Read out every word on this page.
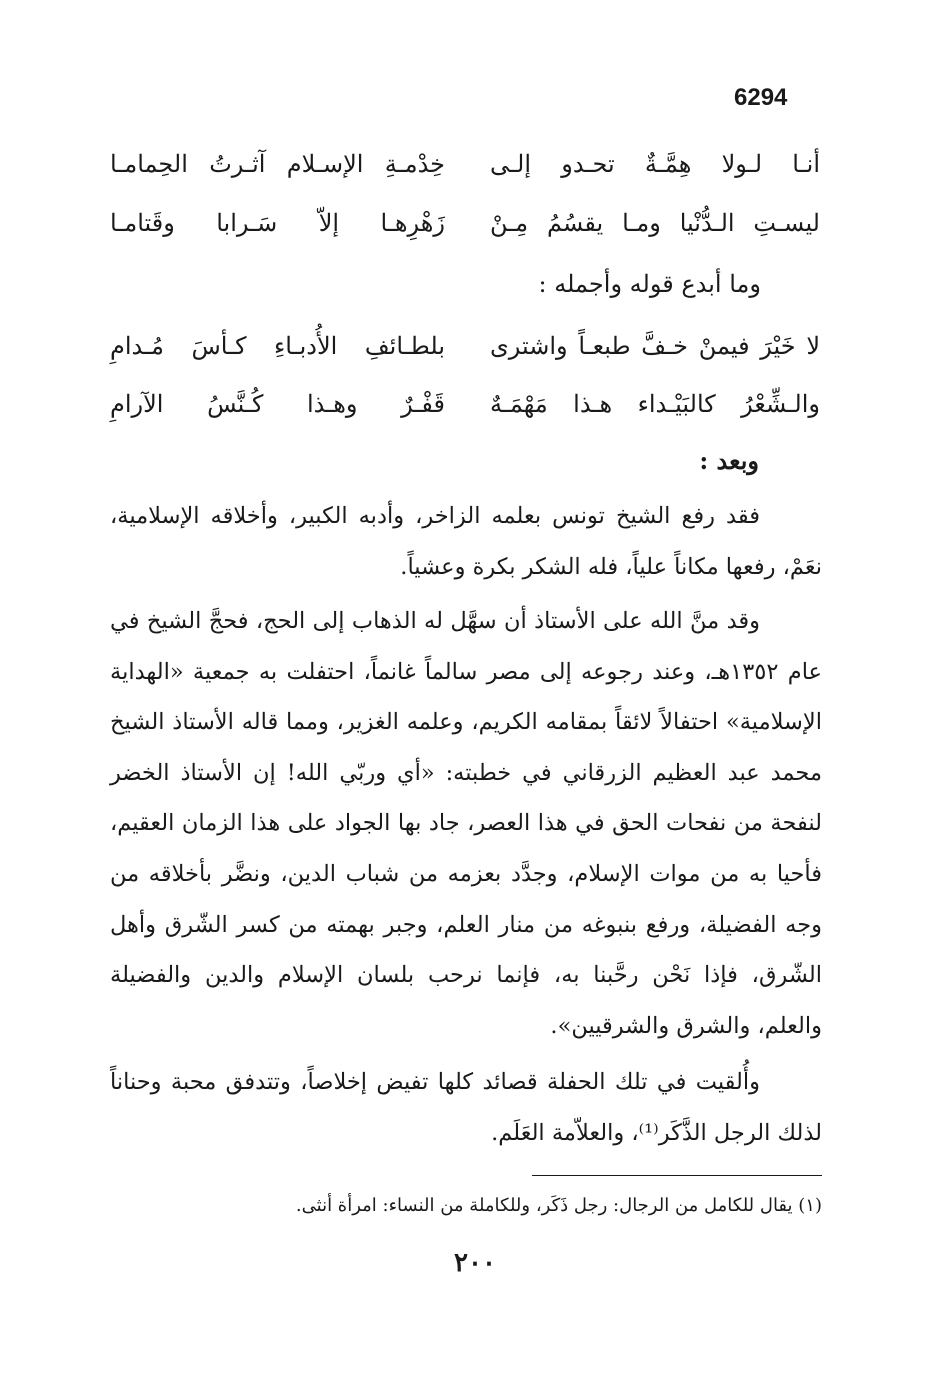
6294
أنـا لـولا هِمَّـةٌ تحـدو إلـى
خِدْمـةِ الإسـلام آثـرتُ الحِمامـا
ليسـتِ الـدُّنْيا ومـا يقسُمُ مِـنْ
زَهْرِهـا إلاّ سَـرابا وقَتامـا
وما أبدع قوله وأجمله :
لا خَيْرَ فيمنْ خـفَّ طبعـاً واشترى
بلطـائفِ الأُدبـاءِ كـأسَ مُـدامِ
والـشِّعْرُ كالبَيْـداء هـذا مَهْمَـهٌ
قَفْـرٌ وهـذا كُـنَّسُ الآرامِ
وبعد :

فقد رفع الشيخ تونس بعلمه الزاخر، وأدبه الكبير، وأخلاقه الإسلامية، نعَمْ، رفعها مكاناً علياً، فله الشكر بكرة وعشياً.

وقد منَّ الله على الأستاذ أن سهَّل له الذهاب إلى الحج، فحجَّ الشيخ في عام ١٣٥٢هـ، وعند رجوعه إلى مصر سالماً غانماً، احتفلت به جمعية «الهداية الإسلامية» احتفالاً لائقاً بمقامه الكريم، وعلمه الغزير، ومما قاله الأستاذ الشيخ محمد عبد العظيم الزرقاني في خطبته: «أي وربّي الله! إن الأستاذ الخضر لنفحة من نفحات الحق في هذا العصر، جاد بها الجواد على هذا الزمان العقيم، فأحيا به من موات الإسلام، وجدَّد بعزمه من شباب الدين، ونضَّر بأخلاقه من وجه الفضيلة، ورفع بنبوغه من منار العلم، وجبر بهمته من كسر الشّرق وأهل الشّرق، فإذا نَحْن رحَّبنا به، فإنما نرحب بلسان الإسلام والدين والفضيلة والعلم، والشرق والشرقيين».

وأُلقيت في تلك الحفلة قصائد كلها تفيض إخلاصاً، وتتدفق محبة وحناناً لذلك الرجل الذَّكَر⁽¹⁾، والعلاّمة العَلَم.

(١) يقال للكامل من الرجال: رجل ذَكَر، وللكاملة من النساء: امرأة أنثى.
٢٠٠
